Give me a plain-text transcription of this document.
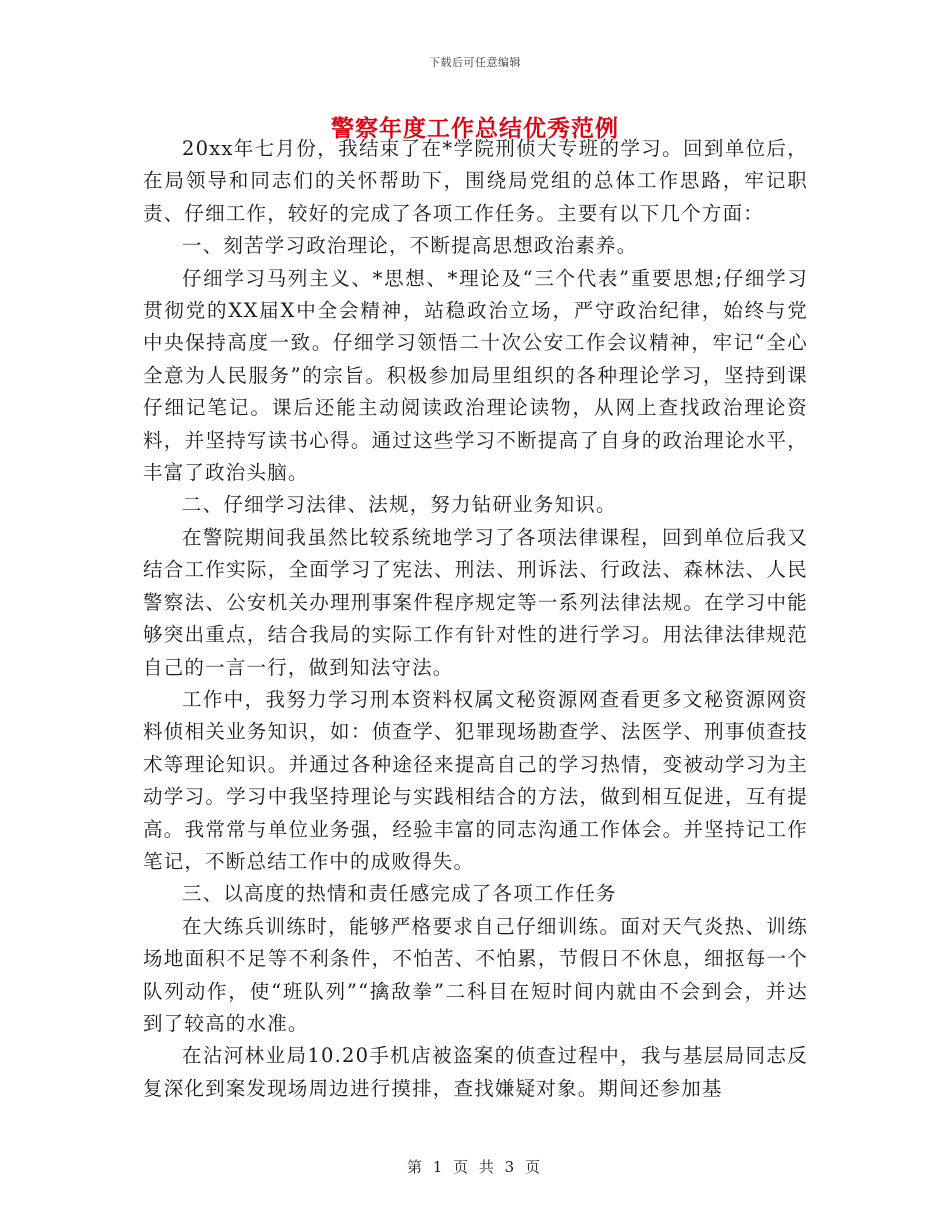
下载后可任意编辑
警察年度工作总结优秀范例

20xx年七月份，我结束了在*学院刑侦大专班的学习。回到单位后，在局领导和同志们的关怀帮助下，围绕局党组的总体工作思路，牢记职责、仔细工作，较好的完成了各项工作任务。主要有以下几个方面：

一、刻苦学习政治理论，不断提高思想政治素养。

仔细学习马列主义、*思想、*理论及“三个代表”重要思想;仔细学习贯彻党的XX届X中全会精神，站稳政治立场，严守政治纪律，始终与党中央保持高度一致。仔细学习领悟二十次公安工作会议精神，牢记“全心全意为人民服务”的宗旨。积极参加局里组织的各种理论学习，坚持到课仔细记笔记。课后还能主动阅读政治理论读物，从网上查找政治理论资料，并坚持写读书心得。通过这些学习不断提高了自身的政治理论水平，丰富了政治头脑。

二、仔细学习法律、法规，努力钻研业务知识。

在警院期间我虽然比较系统地学习了各项法律课程，回到单位后我又结合工作实际，全面学习了宪法、刑法、刑诉法、行政法、森林法、人民警察法、公安机关办理刑事案件程序规定等一系列法律法规。在学习中能够突出重点，结合我局的实际工作有针对性的进行学习。用法律法律规范自己的一言一行，做到知法守法。

工作中，我努力学习刑本资料权属文秘资源网查看更多文秘资源网资料侦相关业务知识，如：侦查学、犯罪现场勘查学、法医学、刑事侦查技术等理论知识。并通过各种途径来提高自己的学习热情，变被动学习为主动学习。学习中我坚持理论与实践相结合的方法，做到相互促进，互有提高。我常常与单位业务强，经验丰富的同志沟通工作体会。并坚持记工作笔记，不断总结工作中的成败得失。

三、以高度的热情和责任感完成了各项工作任务

在大练兵训练时，能够严格要求自己仔细训练。面对天气炎热、训练场地面积不足等不利条件，不怕苦、不怕累，节假日不休息，细抠每一个队列动作，使“班队列”“擒敌拳”二科目在短时间内就由不会到会，并达到了较高的水准。

在沾河林业局10.20手机店被盗案的侦查过程中，我与基层局同志反复深化到案发现场周边进行摸排，查找嫌疑对象。期间还参加基

第 1 页 共 3 页
